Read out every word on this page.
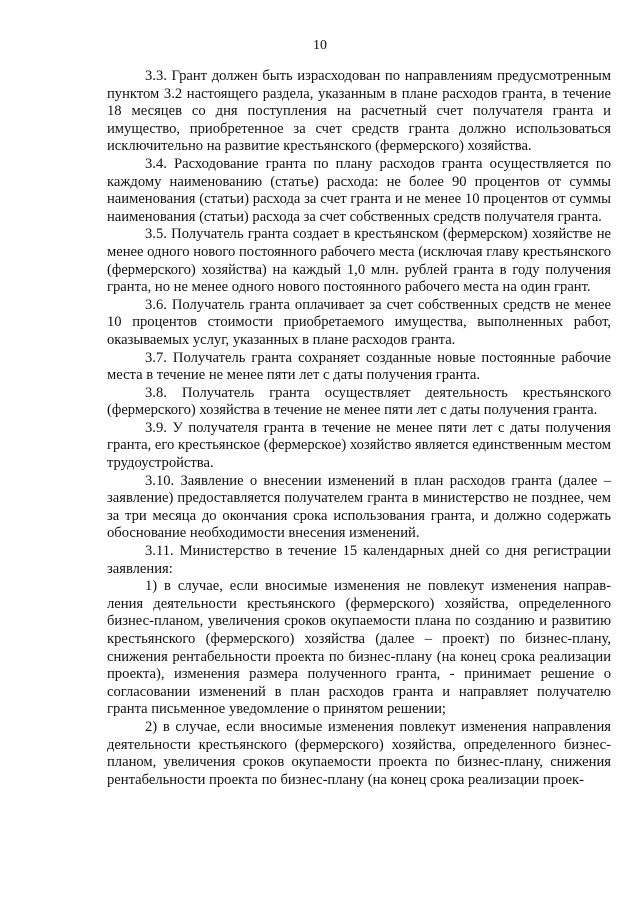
10

3.3. Грант должен быть израсходован по направлениям предусмотренным пунктом 3.2 настоящего раздела, указанным в плане расходов гранта, в течение 18 месяцев со дня поступления на расчетный счет получателя гранта и имущество, приобретенное за счет средств гранта должно использоваться исключительно на развитие крестьянского (фермерского) хозяйства.

3.4. Расходование гранта по плану расходов гранта осуществляется по каждому наименованию (статье) расхода: не более 90 процентов от суммы наименования (статьи) расхода за счет гранта и не менее 10 процентов от суммы наименования (статьи) расхода за счет собственных средств получателя гранта.

3.5. Получатель гранта создает в крестьянском (фермерском) хозяйстве не менее одного нового постоянного рабочего места (исключая главу крестьянского (фермерского) хозяйства) на каждый 1,0 млн. рублей гранта в году получения гранта, но не менее одного нового постоянного рабочего места на один грант.

3.6. Получатель гранта оплачивает за счет собственных средств не менее 10 процентов стоимости приобретаемого имущества, выполненных работ, оказываемых услуг, указанных в плане расходов гранта.

3.7. Получатель гранта сохраняет созданные новые постоянные рабочие места в течение не менее пяти лет с даты получения гранта.

3.8. Получатель гранта осуществляет деятельность крестьянского (фермерского) хозяйства в течение не менее пяти лет с даты получения гранта.

3.9. У получателя гранта в течение не менее пяти лет с даты получения гранта, его крестьянское (фермерское) хозяйство является единственным местом трудоустройства.

3.10. Заявление о внесении изменений в план расходов гранта (далее – заявление) предоставляется получателем гранта в министерство не позднее, чем за три месяца до окончания срока использования гранта, и должно содержать обоснование необходимости внесения изменений.

3.11. Министерство в течение 15 календарных дней со дня регистрации заявления:

1) в случае, если вносимые изменения не повлекут изменения направления деятельности крестьянского (фермерского) хозяйства, определенного бизнес-планом, увеличения сроков окупаемости плана по созданию и развитию крестьянского (фермерского) хозяйства (далее – проект) по бизнес-плану, снижения рентабельности проекта по бизнес-плану (на конец срока реализации проекта), изменения размера полученного гранта, - принимает решение о согласовании изменений в план расходов гранта и направляет получателю гранта письменное уведомление о принятом решении;

2) в случае, если вносимые изменения повлекут изменения направления деятельности крестьянского (фермерского) хозяйства, определенного бизнес-планом, увеличения сроков окупаемости проекта по бизнес-плану, снижения рентабельности проекта по бизнес-плану (на конец срока реализации проек-
